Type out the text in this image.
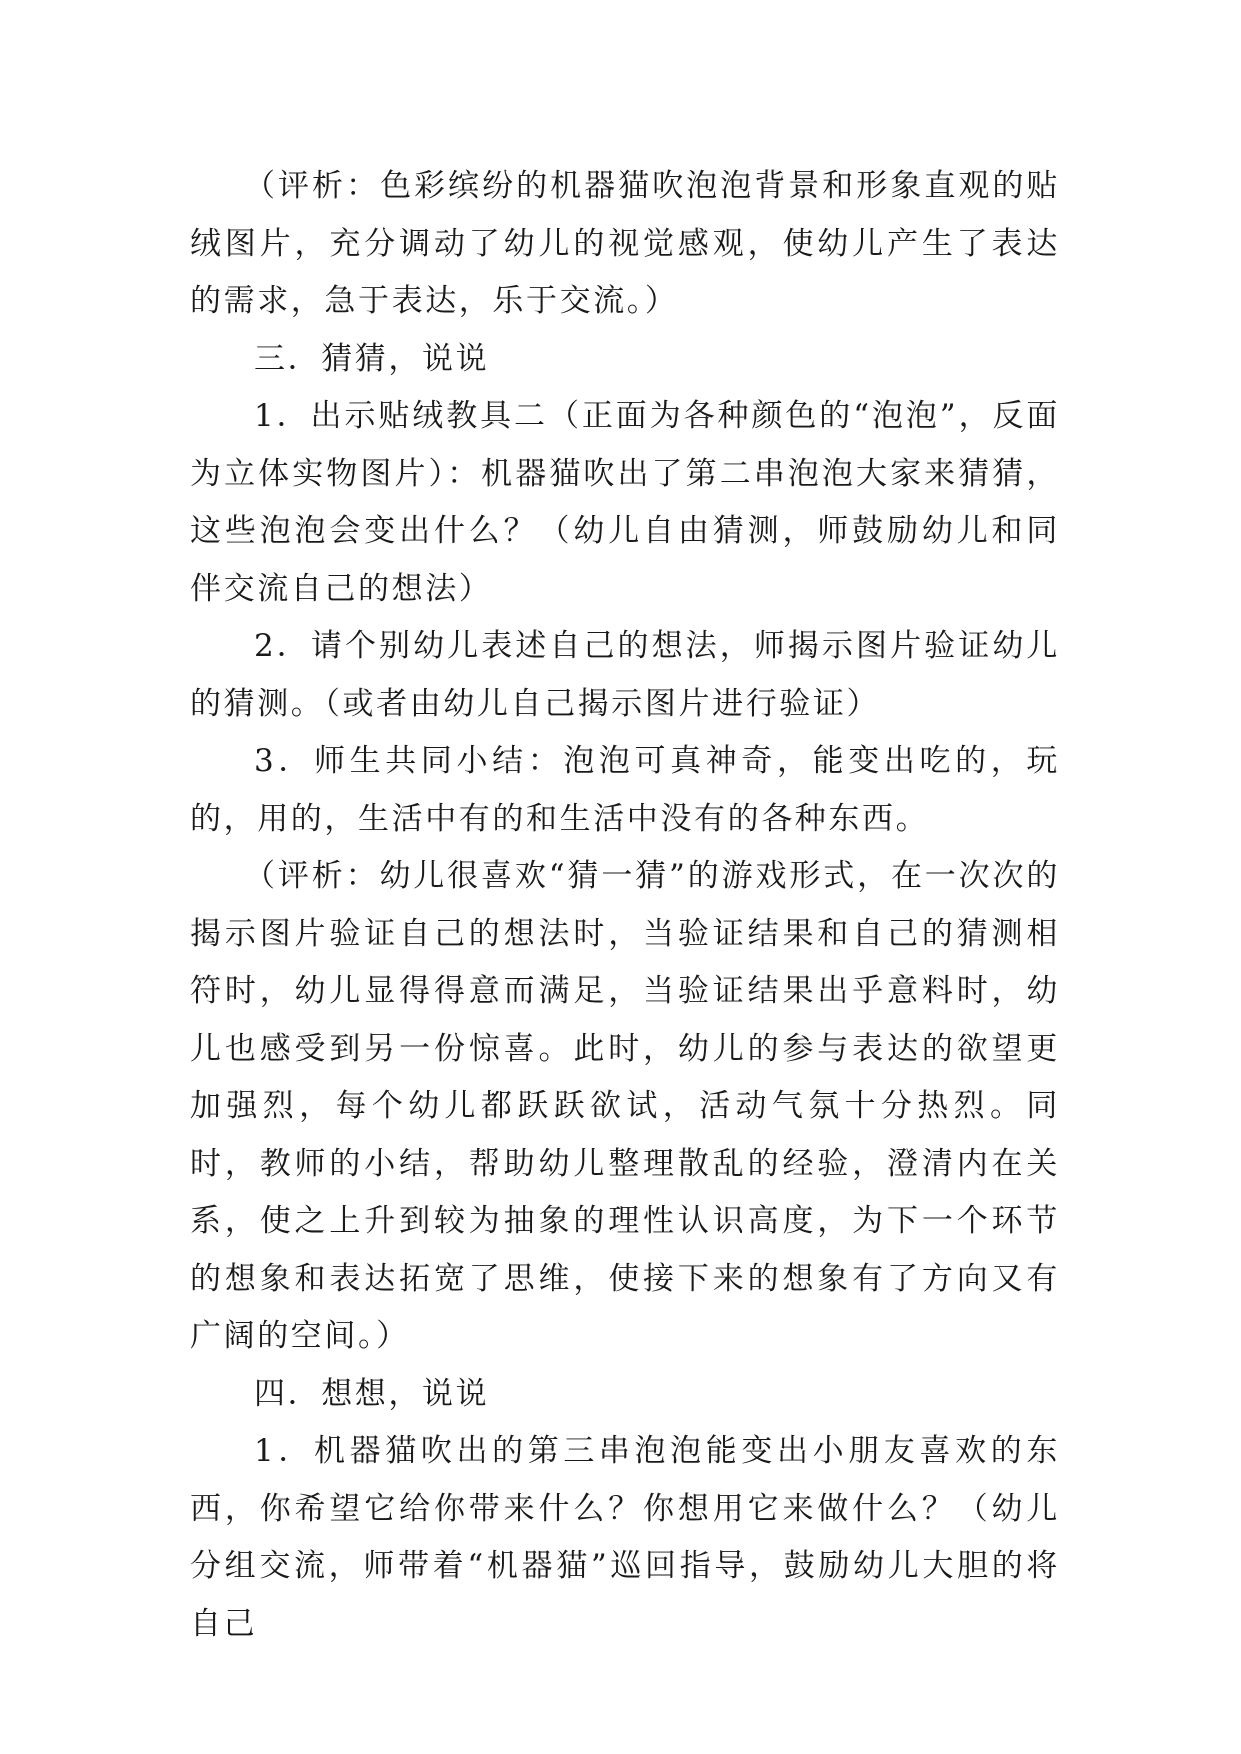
（评析：色彩缤纷的机器猫吹泡泡背景和形象直观的贴绒图片，充分调动了幼儿的视觉感观，使幼儿产生了表达的需求，急于表达，乐于交流。）

三．猜猜，说说

1．出示贴绒教具二（正面为各种颜色的“泡泡”，反面为立体实物图片）：机器猫吹出了第二串泡泡大家来猜猜，这些泡泡会变出什么？（幼儿自由猜测，师鼓励幼儿和同伴交流自己的想法）

2．请个别幼儿表述自己的想法，师揭示图片验证幼儿的猜测。（或者由幼儿自己揭示图片进行验证）

3．师生共同小结：泡泡可真神奇，能变出吃的，玩的，用的，生活中有的和生活中没有的各种东西。

（评析：幼儿很喜欢“猜一猜”的游戏形式，在一次次的揭示图片验证自己的想法时，当验证结果和自己的猜测相符时，幼儿显得得意而满足，当验证结果出乎意料时，幼儿也感受到另一份惊喜。此时，幼儿的参与表达的欲望更加强烈，每个幼儿都跃跃欲试，活动气氛十分热烈。同时，教师的小结，帮助幼儿整理散乱的经验，澄清内在关系，使之上升到较为抽象的理性认识高度，为下一个环节的想象和表达拓宽了思维，使接下来的想象有了方向又有广阔的空间。）

四．想想，说说

1．机器猫吹出的第三串泡泡能变出小朋友喜欢的东西，你希望它给你带来什么？你想用它来做什么？（幼儿分组交流，师带着“机器猫”巡回指导，鼓励幼儿大胆的将自己
